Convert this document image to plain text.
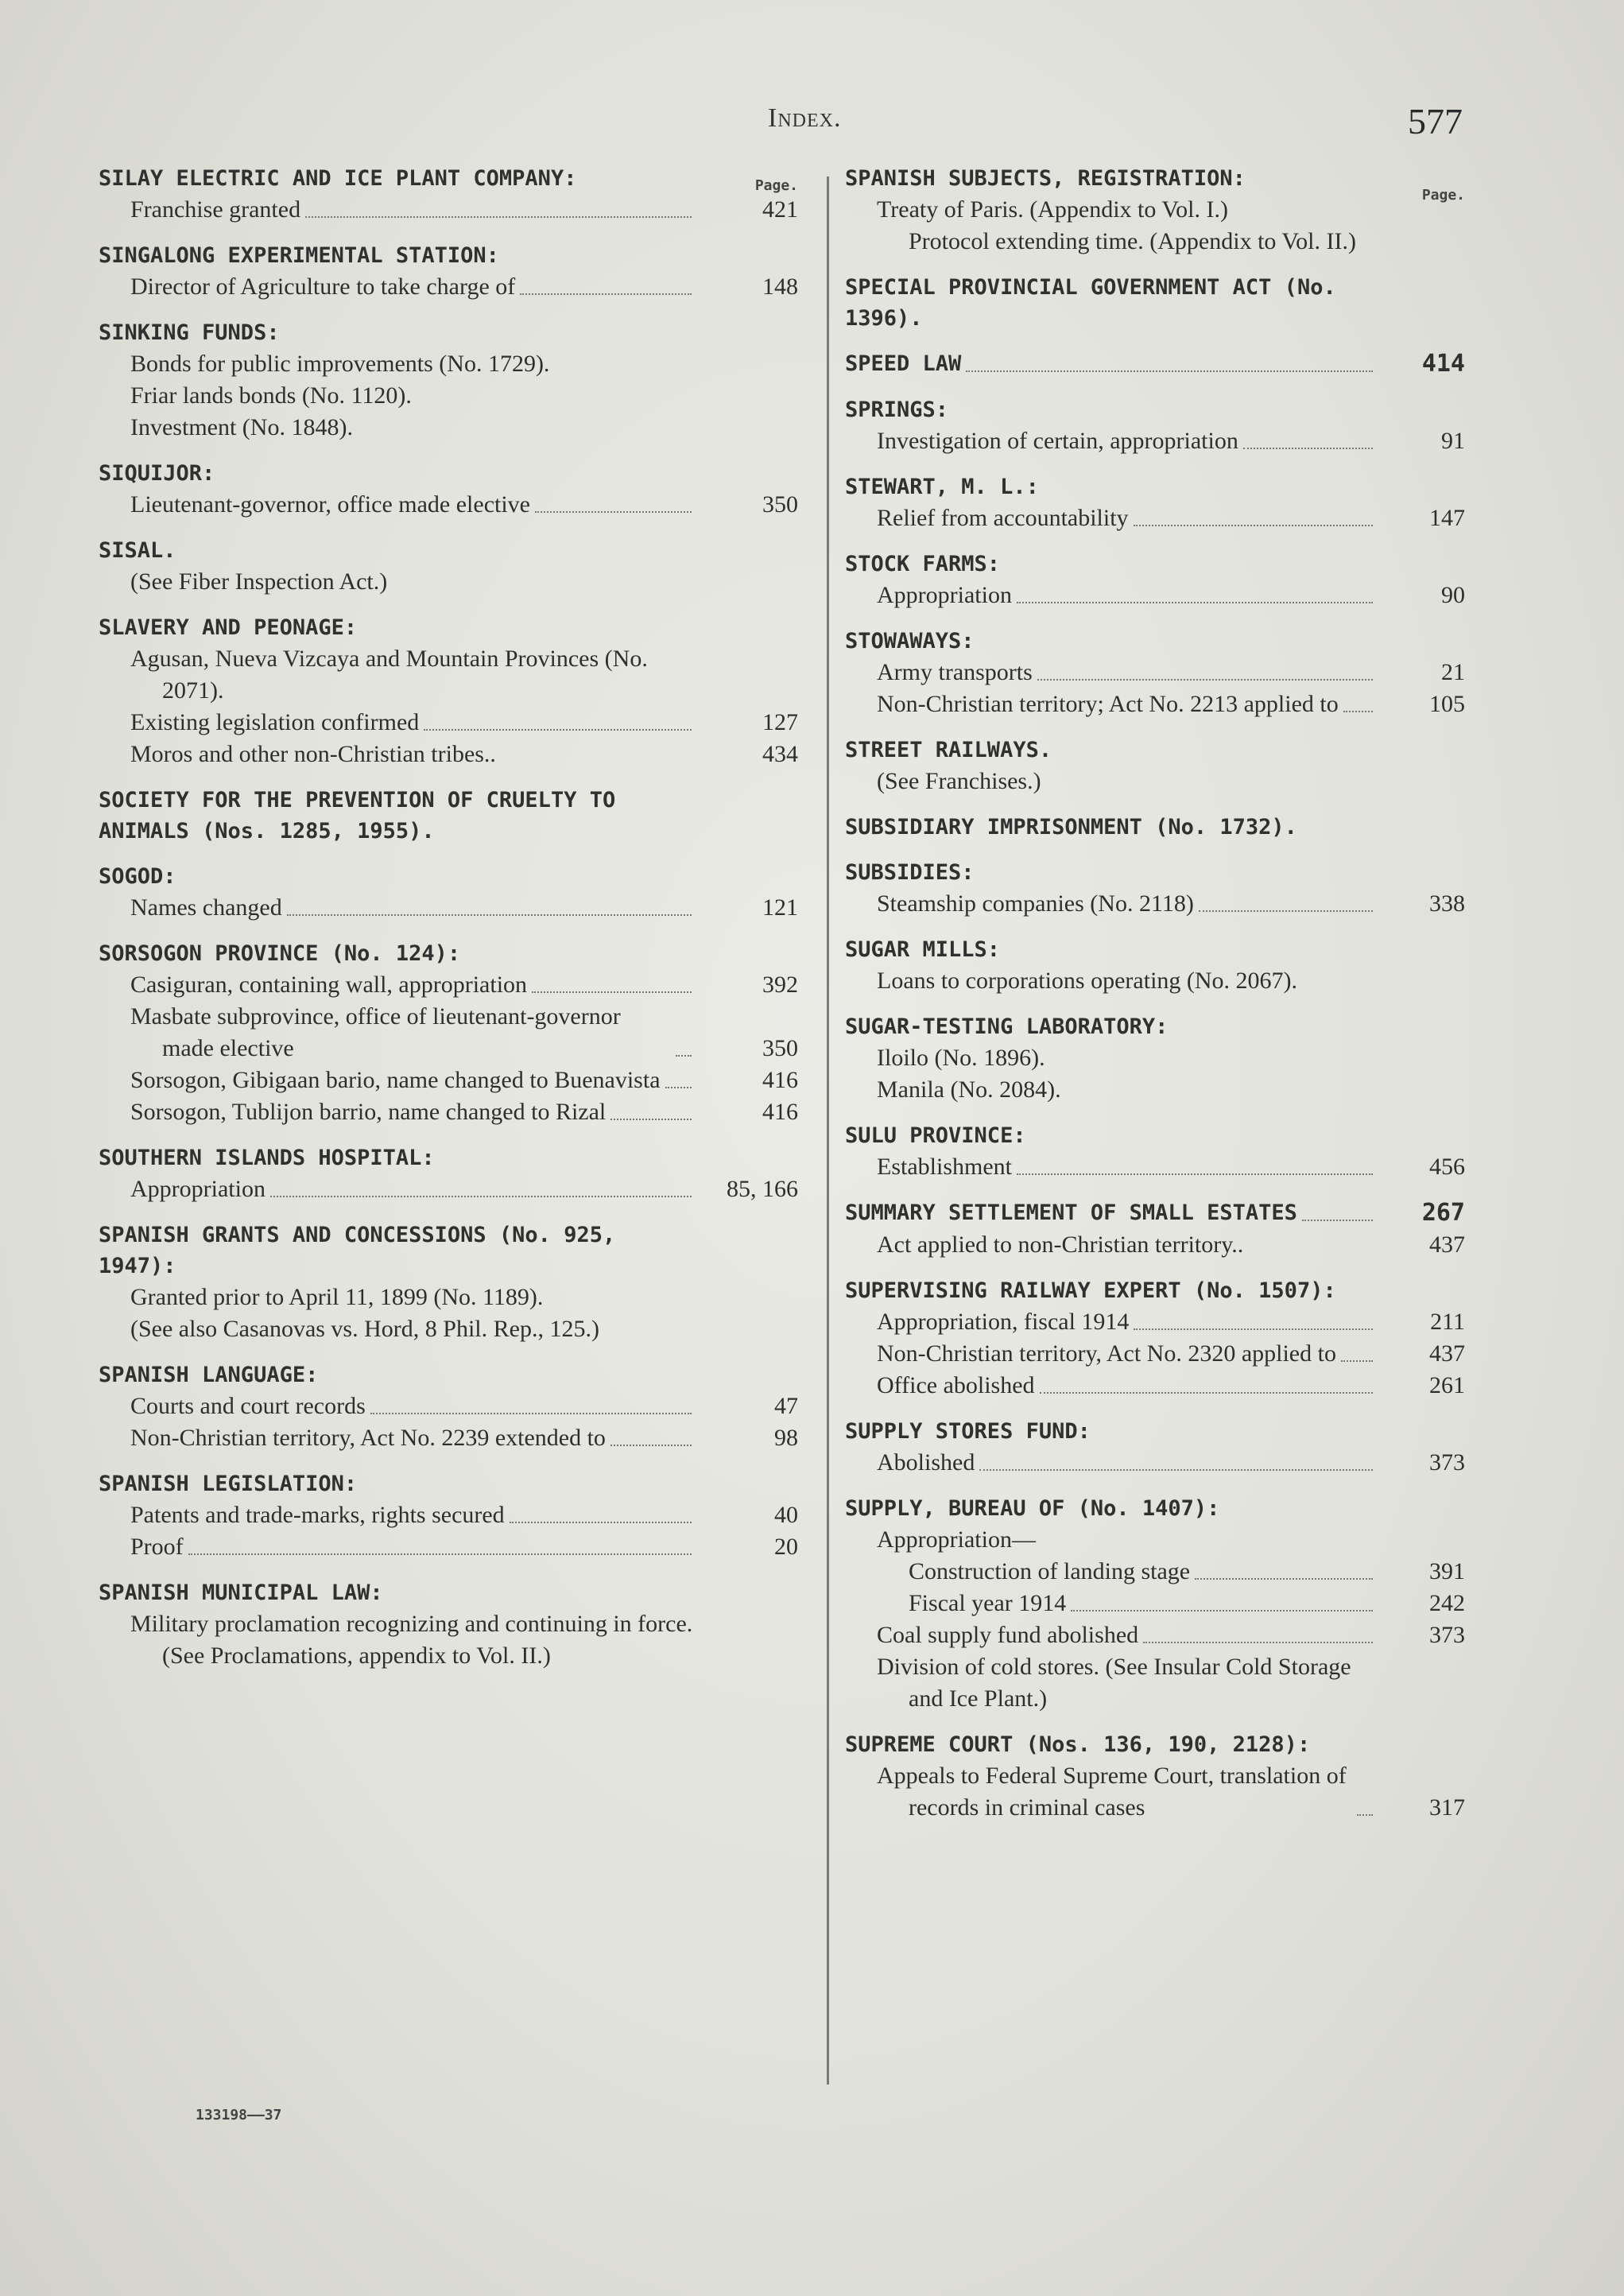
Index.	577
Page.
SILAY ELECTRIC AND ICE PLANT COMPANY:
Franchise granted	421
SINGALONG EXPERIMENTAL STATION:
Director of Agriculture to take charge of	148
SINKING FUNDS:
Bonds for public improvements (No. 1729).
Friar lands bonds (No. 1120).
Investment (No. 1848).
SIQUIJOR:
Lieutenant-governor, office made elective	350
SISAL.
(See Fiber Inspection Act.)
SLAVERY AND PEONAGE:
Agusan, Nueva Vizcaya and Mountain Provinces (No. 2071).
Existing legislation confirmed	127
Moros and other non-Christian tribes..	434
SOCIETY FOR THE PREVENTION OF CRUELTY TO ANIMALS (Nos. 1285, 1955).
SOGOD:
Names changed	121
SORSOGON PROVINCE (No. 124):
Casiguran, containing wall, appropriation	392
Masbate subprovince, office of lieutenant-governor made elective	350
Sorsogon, Gibigaan bario, name changed to Buenavista	416
Sorsogon, Tublijon barrio, name changed to Rizal	416
SOUTHERN ISLANDS HOSPITAL:
Appropriation	85, 166
SPANISH GRANTS AND CONCESSIONS (No. 925, 1947):
Granted prior to April 11, 1899 (No. 1189).
(See also Casanovas vs. Hord, 8 Phil. Rep., 125.)
SPANISH LANGUAGE:
Courts and court records	47
Non-Christian territory, Act No. 2239 extended to	98
SPANISH LEGISLATION:
Patents and trade-marks, rights secured	40
Proof	20
SPANISH MUNICIPAL LAW:
Military proclamation recognizing and continuing in force. (See Proclamations, appendix to Vol. II.)
Page.
SPANISH SUBJECTS, REGISTRATION:
Treaty of Paris. (Appendix to Vol. I.)
Protocol extending time. (Appendix to Vol. II.)
SPECIAL PROVINCIAL GOVERNMENT ACT (No. 1396).
SPEED LAW	414
SPRINGS:
Investigation of certain, appropriation	91
STEWART, M. L.:
Relief from accountability	147
STOCK FARMS:
Appropriation	90
STOWAWAYS:
Army transports	21
Non-Christian territory; Act No. 2213 applied to	105
STREET RAILWAYS.
(See Franchises.)
SUBSIDIARY IMPRISONMENT (No. 1732).
SUBSIDIES:
Steamship companies (No. 2118)	338
SUGAR MILLS:
Loans to corporations operating (No. 2067).
SUGAR-TESTING LABORATORY:
Iloilo (No. 1896).
Manila (No. 2084).
SULU PROVINCE:
Establishment	456
SUMMARY SETTLEMENT OF SMALL ESTATES	267
Act applied to non-Christian territory..	437
SUPERVISING RAILWAY EXPERT (No. 1507):
Appropriation, fiscal 1914	211
Non-Christian territory, Act No. 2320 applied to	437
Office abolished	261
SUPPLY STORES FUND:
Abolished	373
SUPPLY, BUREAU OF (No. 1407):
Appropriation—
Construction of landing stage	391
Fiscal year 1914	242
Coal supply fund abolished	373
Division of cold stores. (See Insular Cold Storage and Ice Plant.)
SUPREME COURT (Nos. 136, 190, 2128):
Appeals to Federal Supreme Court, translation of records in criminal cases	317
133198——37
